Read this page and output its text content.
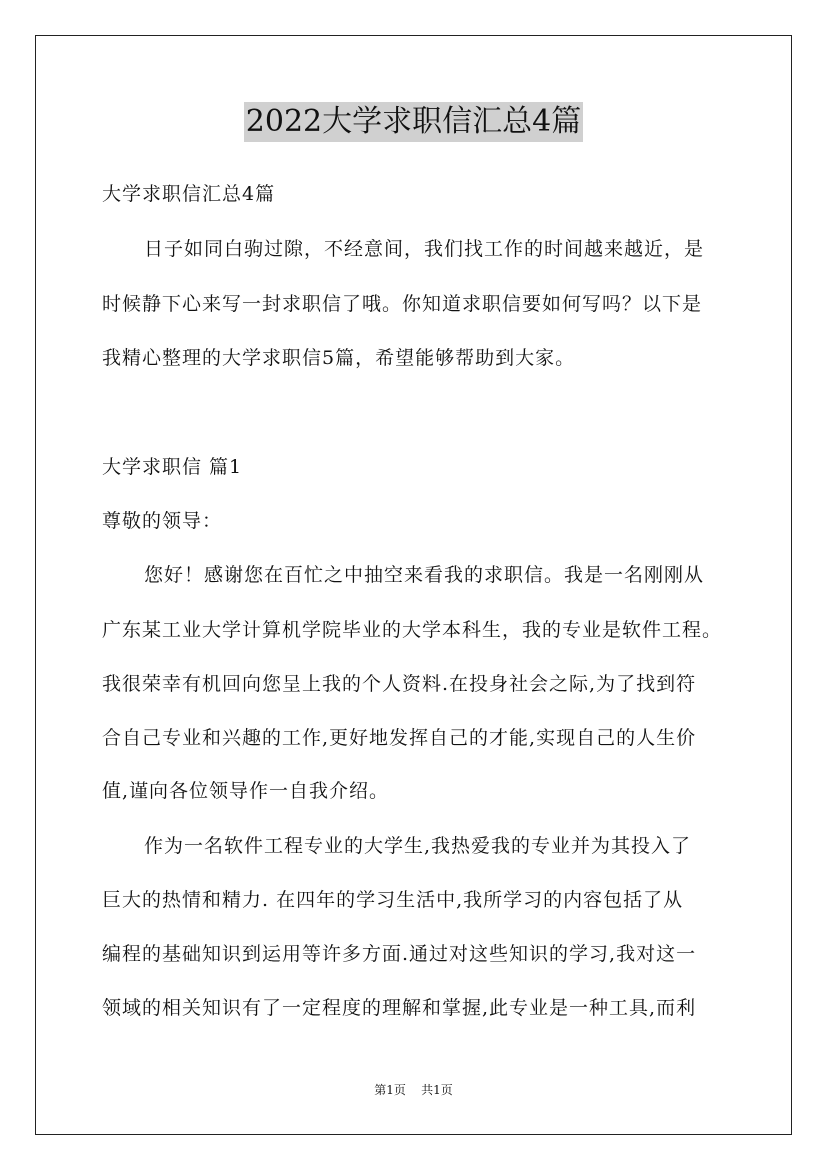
2022大学求职信汇总4篇
大学求职信汇总4篇
日子如同白驹过隙，不经意间，我们找工作的时间越来越近，是
时候静下心来写一封求职信了哦。你知道求职信要如何写吗？以下是
我精心整理的大学求职信5篇，希望能够帮助到大家。
大学求职信 篇1
尊敬的领导：
您好！感谢您在百忙之中抽空来看我的求职信。我是一名刚刚从
广东某工业大学计算机学院毕业的大学本科生，我的专业是软件工程。
我很荣幸有机回向您呈上我的个人资料.在投身社会之际,为了找到符
合自己专业和兴趣的工作,更好地发挥自己的才能,实现自己的人生价
值,谨向各位领导作一自我介绍。
作为一名软件工程专业的大学生,我热爱我的专业并为其投入了
巨大的热情和精力. 在四年的学习生活中,我所学习的内容包括了从
编程的基础知识到运用等许多方面.通过对这些知识的学习,我对这一
领域的相关知识有了一定程度的理解和掌握,此专业是一种工具,而利
第1页 共1页
